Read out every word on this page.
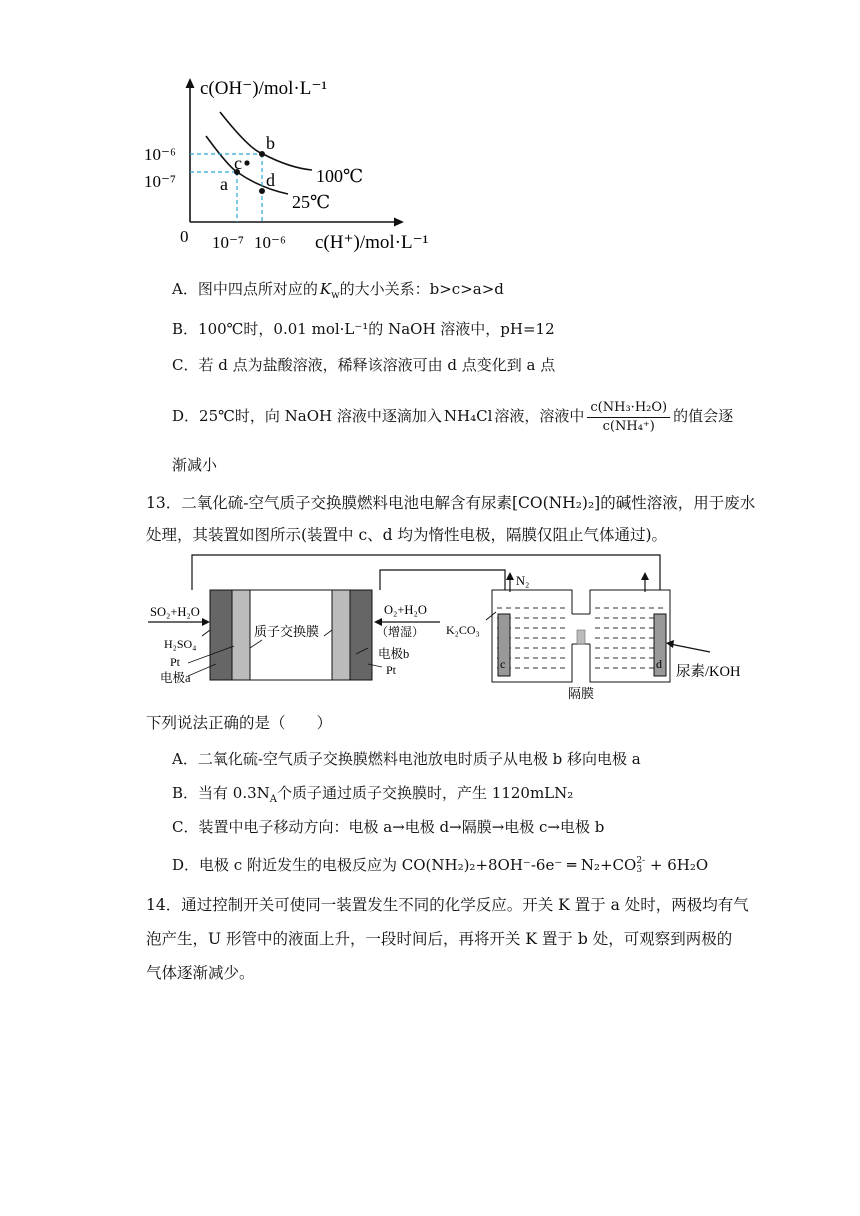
c(OH⁻)/mol·L⁻¹
c(H⁺)/mol·L⁻¹
0
10⁻⁶
10⁻⁷
10⁻⁷ 10⁻⁶
a
b
c
d 100℃
25℃
A．图中四点所对应的 $K_w$的大小关系：b>c>a>d
B．100℃时，0.01 mol·L⁻¹的 NaOH 溶液中，pH=12
C．若 d 点为盐酸溶液，稀释该溶液可由 d 点变化到 a 点
D．25℃时，向 NaOH 溶液中逐滴加入 NH₄Cl 溶液，溶液中 $\frac{\text{c(NH₃·H₂O)}}{\text{c(NH₄⁺)}}$ 的值会逐
渐减小
13．二氧化硫-空气质子交换膜燃料电池电解含有尿素[CO(NH₂)₂]的碱性溶液，用于废水
处理，其装置如图所示(装置中 c、d 均为惰性电极，隔膜仅阻止气体通过)。
SO₂+H₂O
H₂SO₄
Pt
电极a
质子交换膜
O₂+H₂O
（增湿）
电极b
Pt
N₂
K₂CO₃
c	d 尿素/KOH
隔膜
下列说法正确的是（　　）
A．二氧化硫-空气质子交换膜燃料电池放电时质子从电极 b 移向电极 a
B．当有 $0.3N_A$个质子通过质子交换膜时，产生 1120mLN₂
C．装置中电子移动方向：电极 a→电极 d→隔膜→电极 c→电极 b
D．电极 c 附近发生的电极反应为 CO(NH₂)₂+8OH⁻-6e⁻ ═ N₂+CO 2-
3 + 6H₂O
14．通过控制开关可使同一装置发生不同的化学反应。开关 K 置于 a 处时，两极均有气
泡产生，U 形管中的液面上升，一段时间后，再将开关 K 置于 b 处，可观察到两极的
气体逐渐减少。
